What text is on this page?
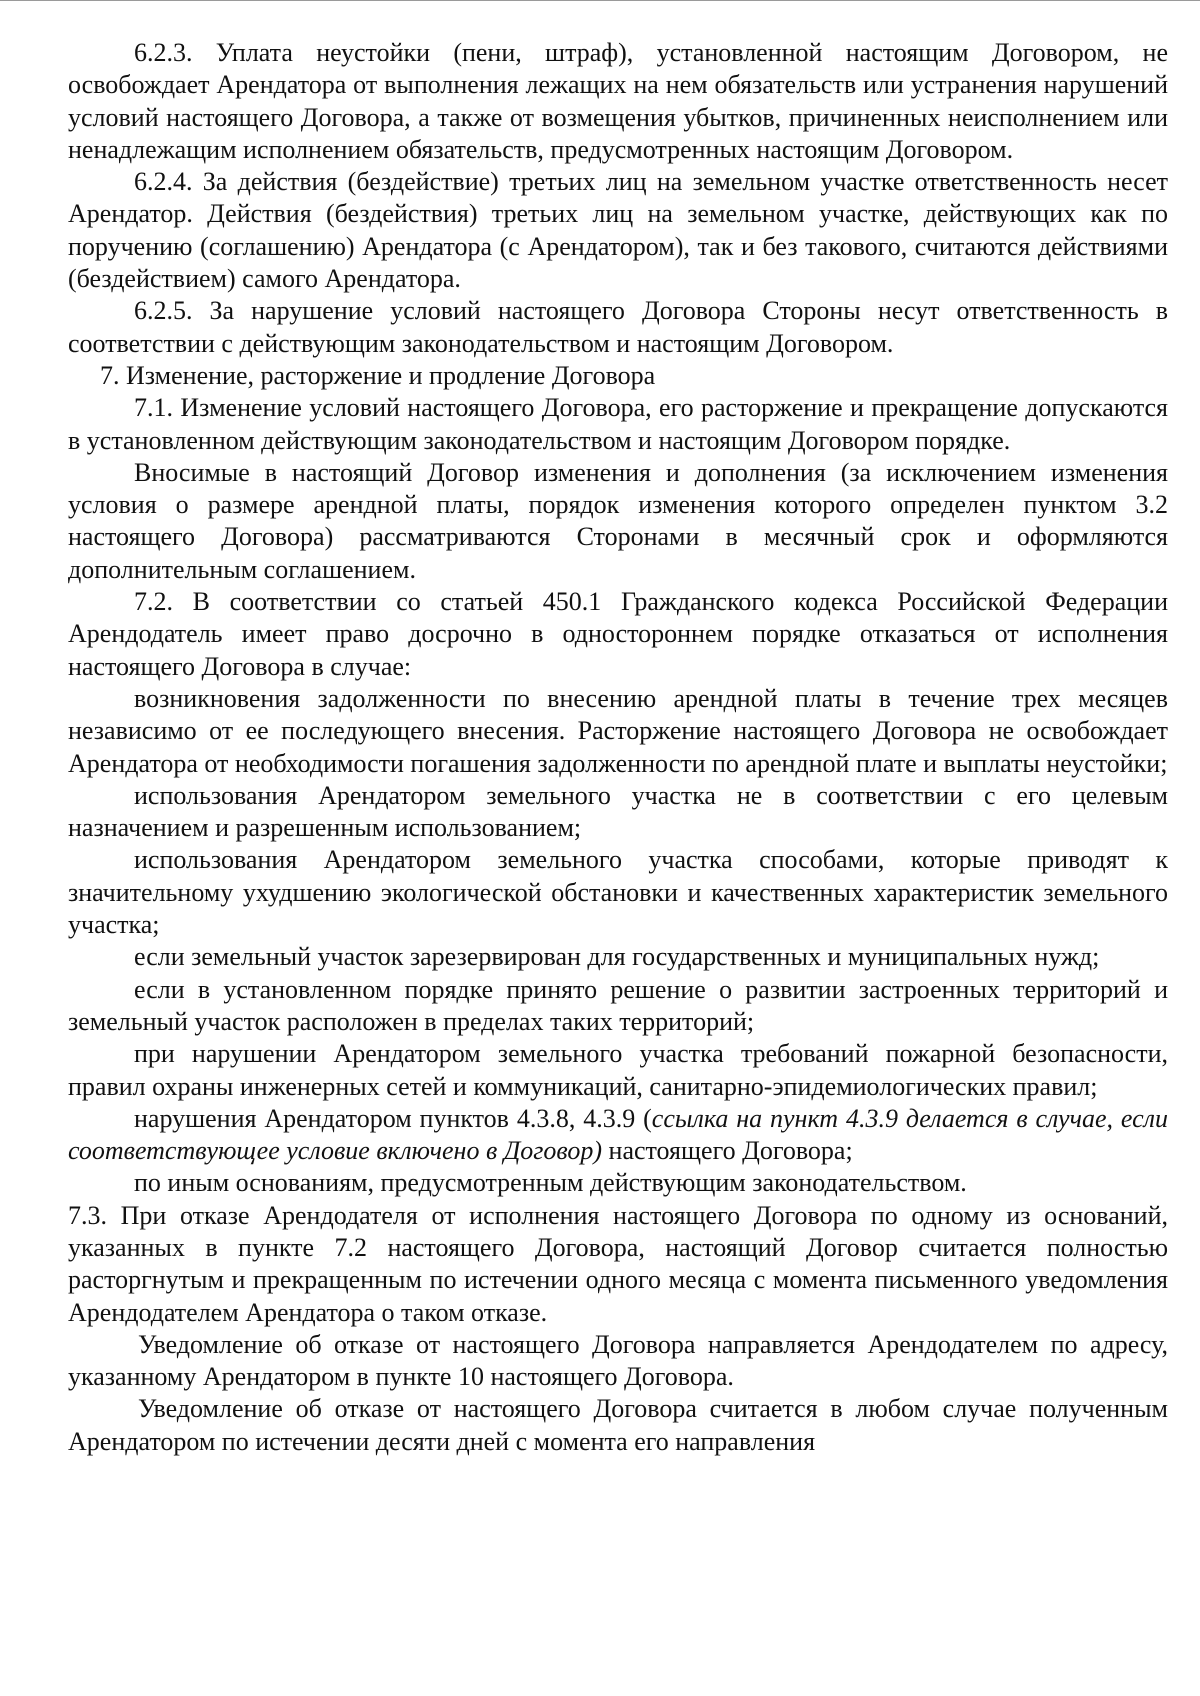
6.2.3. Уплата неустойки (пени, штраф), установленной настоящим Договором, не освобождает Арендатора от выполнения лежащих на нем обязательств или устранения нарушений условий настоящего Договора, а также от возмещения убытков, причиненных неисполнением или ненадлежащим исполнением обязательств, предусмотренных настоящим Договором.

6.2.4. За действия (бездействие) третьих лиц на земельном участке ответственность несет Арендатор. Действия (бездействия) третьих лиц на земельном участке, действующих как по поручению (соглашению) Арендатора (с Арендатором), так и без такового, считаются действиями (бездействием) самого Арендатора.

6.2.5. За нарушение условий настоящего Договора Стороны несут ответственность в соответствии с действующим законодательством и настоящим Договором.

7. Изменение, расторжение и продление Договора

7.1. Изменение условий настоящего Договора, его расторжение и прекращение допускаются в установленном действующим законодательством и настоящим Договором порядке.

Вносимые в настоящий Договор изменения и дополнения (за исключением изменения условия о размере арендной платы, порядок изменения которого определен пунктом 3.2 настоящего Договора) рассматриваются Сторонами в месячный срок и оформляются дополнительным соглашением.

7.2. В соответствии со статьей 450.1 Гражданского кодекса Российской Федерации Арендодатель имеет право досрочно в одностороннем порядке отказаться от исполнения настоящего Договора в случае:

возникновения задолженности по внесению арендной платы в течение трех месяцев независимо от ее последующего внесения. Расторжение настоящего Договора не освобождает Арендатора от необходимости погашения задолженности по арендной плате и выплаты неустойки;

использования Арендатором земельного участка не в соответствии с его целевым назначением и разрешенным использованием;

использования Арендатором земельного участка способами, которые приводят к значительному ухудшению экологической обстановки и качественных характеристик земельного участка;

если земельный участок зарезервирован для государственных и муниципальных нужд;

если в установленном порядке принято решение о развитии застроенных территорий и земельный участок расположен в пределах таких территорий;

при нарушении Арендатором земельного участка требований пожарной безопасности, правил охраны инженерных сетей и коммуникаций, санитарно-эпидемиологических правил;

нарушения Арендатором пунктов 4.3.8, 4.3.9 (ссылка на пункт 4.3.9 делается в случае, если соответствующее условие включено в Договор) настоящего Договора;

по иным основаниям, предусмотренным действующим законодательством.

7.3. При отказе Арендодателя от исполнения настоящего Договора по одному из оснований, указанных в пункте 7.2 настоящего Договора, настоящий Договор считается полностью расторгнутым и прекращенным по истечении одного месяца с момента письменного уведомления Арендодателем Арендатора о таком отказе.

Уведомление об отказе от настоящего Договора направляется Арендодателем по адресу, указанному Арендатором в пункте 10 настоящего Договора.

Уведомление об отказе от настоящего Договора считается в любом случае полученным Арендатором по истечении десяти дней с момента его направления
